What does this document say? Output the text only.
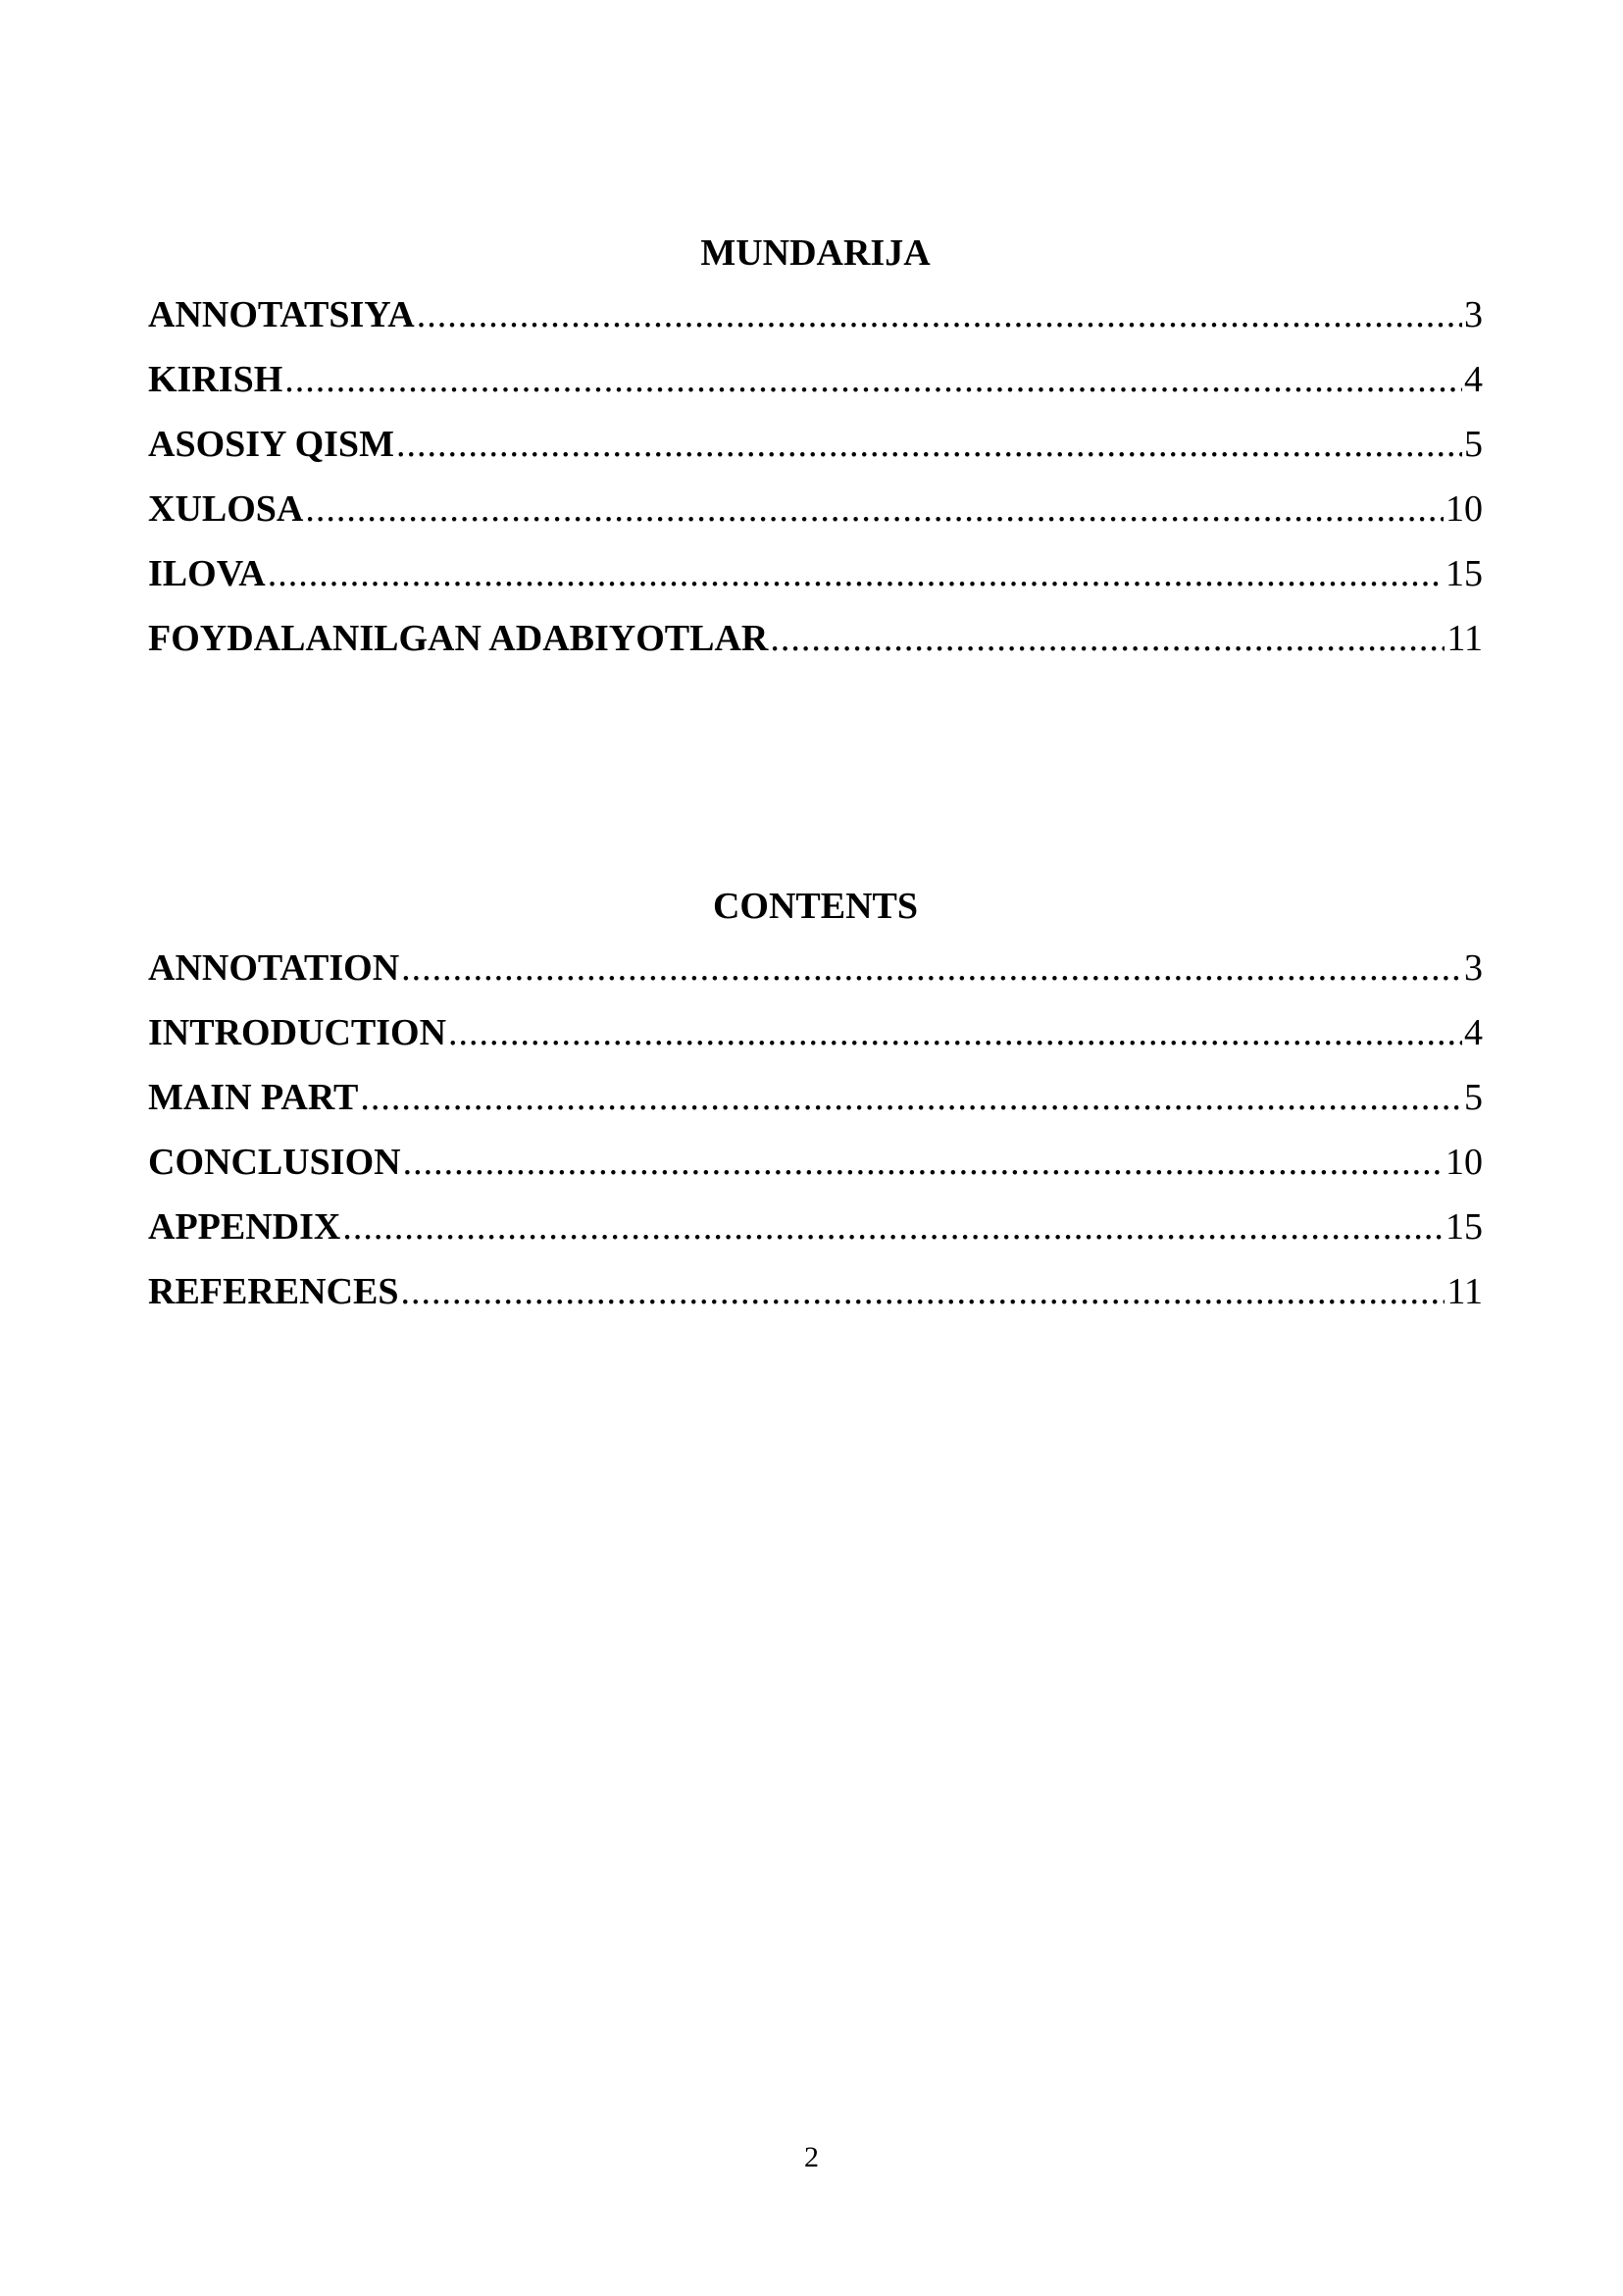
MUNDARIJA
ANNOTATSIYA .....	3
KIRISH .....	4
ASOSIY QISM .....	5
XULOSA .....	10
ILOVA .....	15
FOYDALANILGAN ADABIYOTLAR .....	11
CONTENTS
ANNOTATION .....	3
INTRODUCTION .....	4
MAIN PART .....	5
CONCLUSION .....	10
APPENDIX .....	15
REFERENCES .....	11
2
